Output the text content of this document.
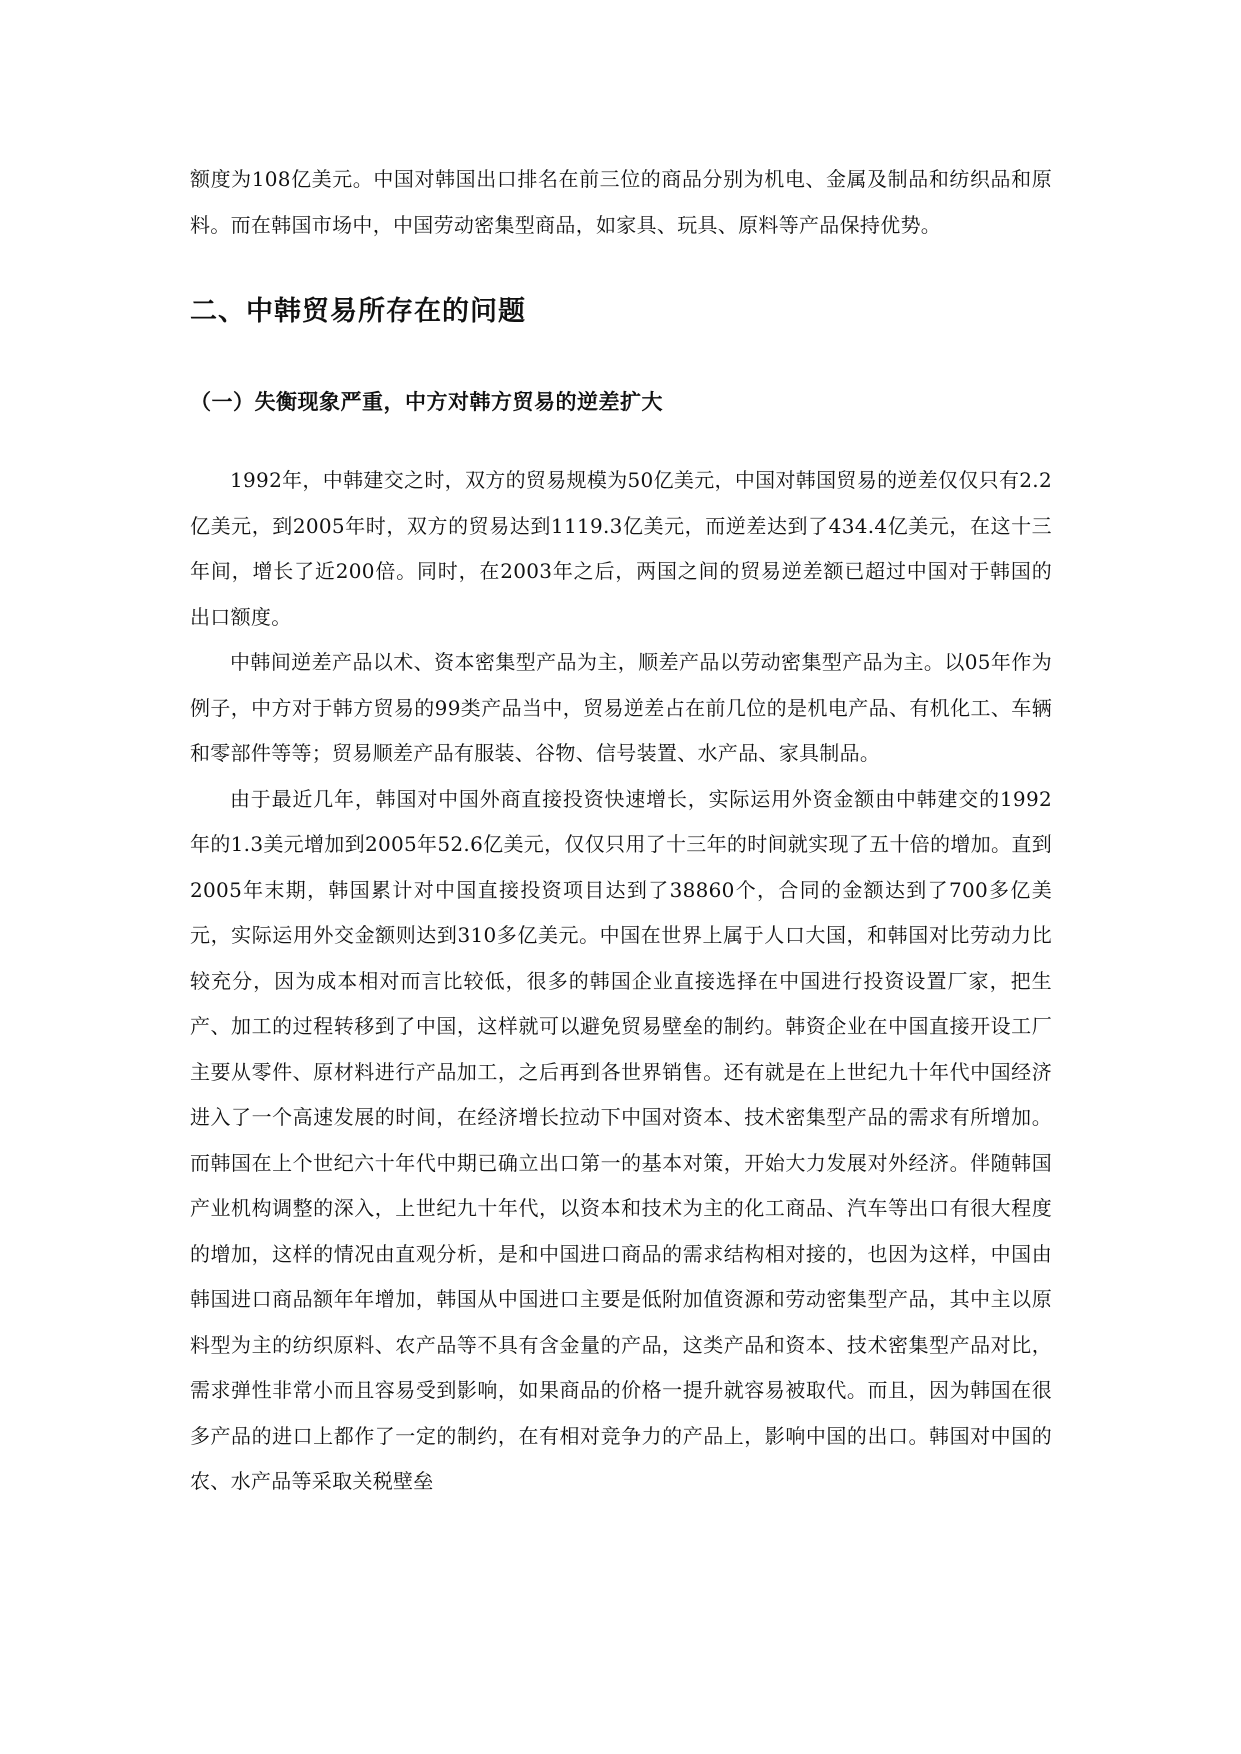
额度为108亿美元。中国对韩国出口排名在前三位的商品分别为机电、金属及制品和纺织品和原料。而在韩国市场中，中国劳动密集型商品，如家具、玩具、原料等产品保持优势。

二、中韩贸易所存在的问题
（一）失衡现象严重，中方对韩方贸易的逆差扩大

1992年，中韩建交之时，双方的贸易规模为50亿美元，中国对韩国贸易的逆差仅仅只有2.2亿美元，到2005年时，双方的贸易达到1119.3亿美元，而逆差达到了434.4亿美元，在这十三年间，增长了近200倍。同时，在2003年之后，两国之间的贸易逆差额已超过中国对于韩国的出口额度。

中韩间逆差产品以术、资本密集型产品为主，顺差产品以劳动密集型产品为主。以05年作为例子，中方对于韩方贸易的99类产品当中，贸易逆差占在前几位的是机电产品、有机化工、车辆和零部件等等；贸易顺差产品有服装、谷物、信号装置、水产品、家具制品。

由于最近几年，韩国对中国外商直接投资快速增长，实际运用外资金额由中韩建交的1992年的1.3美元增加到2005年52.6亿美元，仅仅只用了十三年的时间就实现了五十倍的增加。直到2005年末期，韩国累计对中国直接投资项目达到了38860个，合同的金额达到了700多亿美元，实际运用外交金额则达到310多亿美元。中国在世界上属于人口大国，和韩国对比劳动力比较充分，因为成本相对而言比较低，很多的韩国企业直接选择在中国进行投资设置厂家，把生产、加工的过程转移到了中国，这样就可以避免贸易壁垒的制约。韩资企业在中国直接开设工厂主要从零件、原材料进行产品加工，之后再到各世界销售。还有就是在上世纪九十年代中国经济进入了一个高速发展的时间，在经济增长拉动下中国对资本、技术密集型产品的需求有所增加。而韩国在上个世纪六十年代中期已确立出口第一的基本对策，开始大力发展对外经济。伴随韩国产业机构调整的深入，上世纪九十年代，以资本和技术为主的化工商品、汽车等出口有很大程度的增加，这样的情况由直观分析，是和中国进口商品的需求结构相对接的，也因为这样，中国由韩国进口商品额年年增加，韩国从中国进口主要是低附加值资源和劳动密集型产品，其中主以原料型为主的纺织原料、农产品等不具有含金量的产品，这类产品和资本、技术密集型产品对比，需求弹性非常小而且容易受到影响，如果商品的价格一提升就容易被取代。而且，因为韩国在很多产品的进口上都作了一定的制约，在有相对竞争力的产品上，影响中国的出口。韩国对中国的农、水产品等采取关税壁垒
